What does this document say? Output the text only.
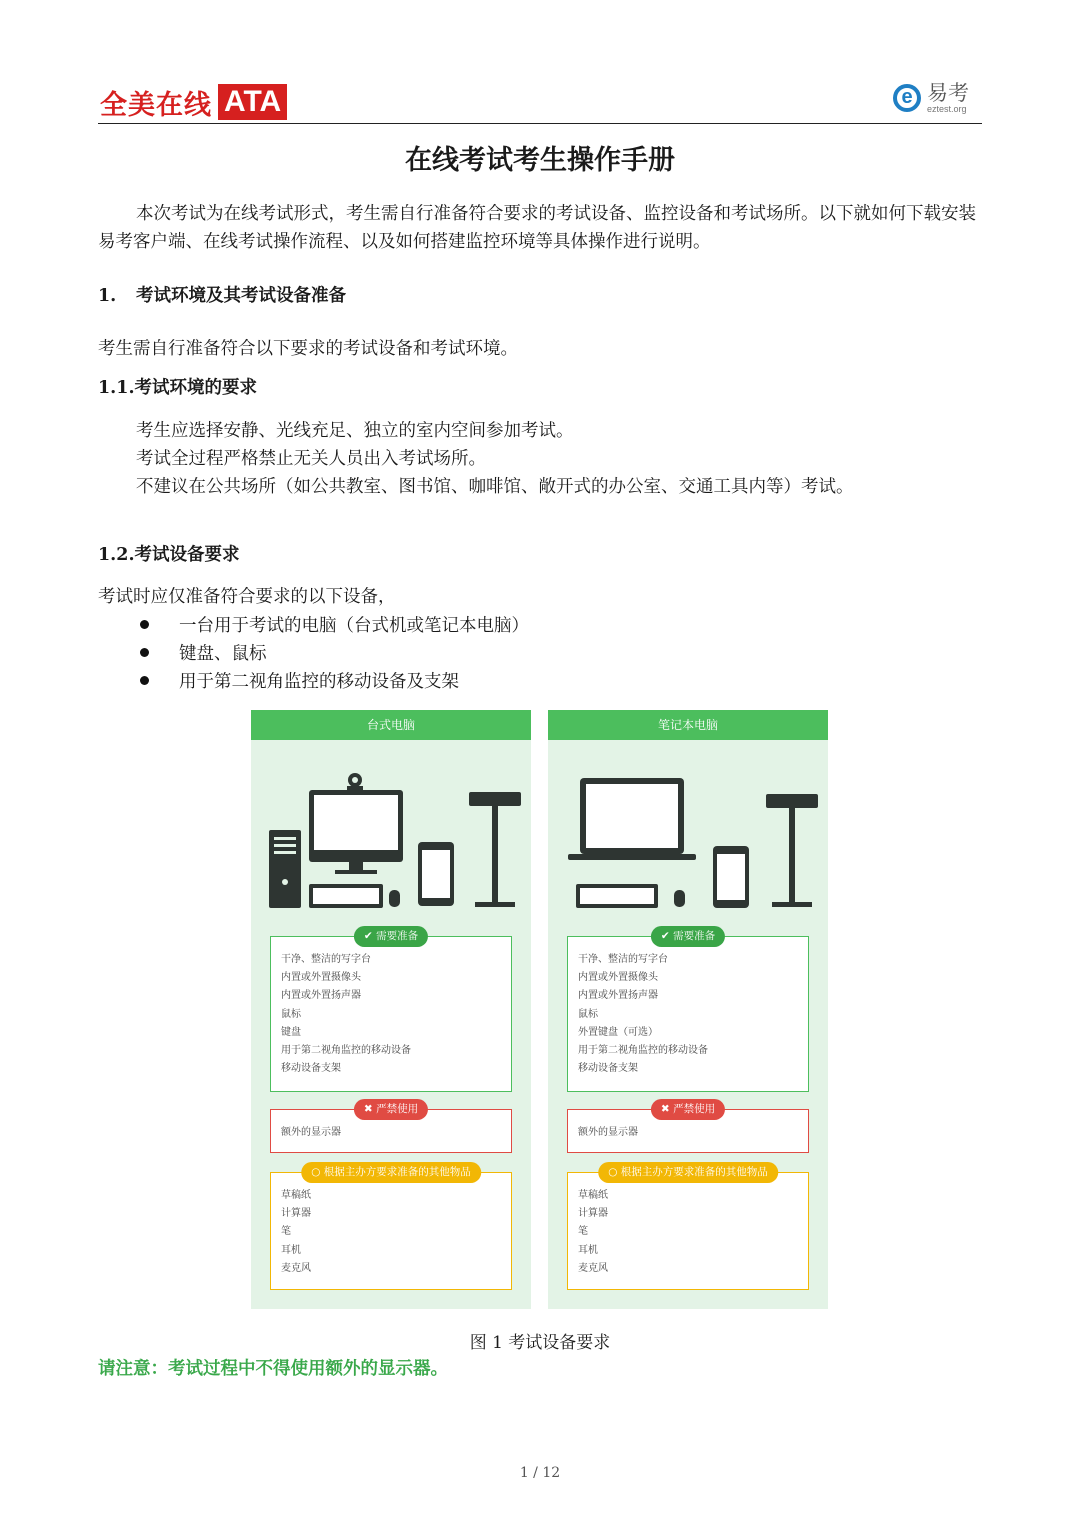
全美在线 ATA	e 易考
eztest.org
在线考试考生操作手册
本次考试为在线考试形式，考生需自行准备符合要求的考试设备、监控设备和考试场所。以下就如何下载安装易考客户端、在线考试操作流程、以及如何搭建监控环境等具体操作进行说明。
1. 考试环境及其考试设备准备
考生需自行准备符合以下要求的考试设备和考试环境。
1.1.考试环境的要求
考生应选择安静、光线充足、独立的室内空间参加考试。
考试全过程严格禁止无关人员出入考试场所。
不建议在公共场所（如公共教室、图书馆、咖啡馆、敞开式的办公室、交通工具内等）考试。
1.2.考试设备要求
考试时应仅准备符合要求的以下设备，
一台用于考试的电脑（台式机或笔记本电脑）
键盘、鼠标
用于第二视角监控的移动设备及支架
台式电脑
✔ 需要准备
干净、整洁的写字台
内置或外置摄像头
内置或外置扬声器
鼠标
键盘
用于第二视角监控的移动设备
移动设备支架
✖ 严禁使用
额外的显示器
○ 根据主办方要求准备的其他物品
草稿纸
计算器
笔
耳机
麦克风
笔记本电脑
✔ 需要准备
干净、整洁的写字台
内置或外置摄像头
内置或外置扬声器
鼠标
外置键盘（可选）
用于第二视角监控的移动设备
移动设备支架
✖ 严禁使用
额外的显示器
○ 根据主办方要求准备的其他物品
草稿纸
计算器
笔
耳机
麦克风
图 1 考试设备要求
请注意：考试过程中不得使用额外的显示器。
1 / 12
